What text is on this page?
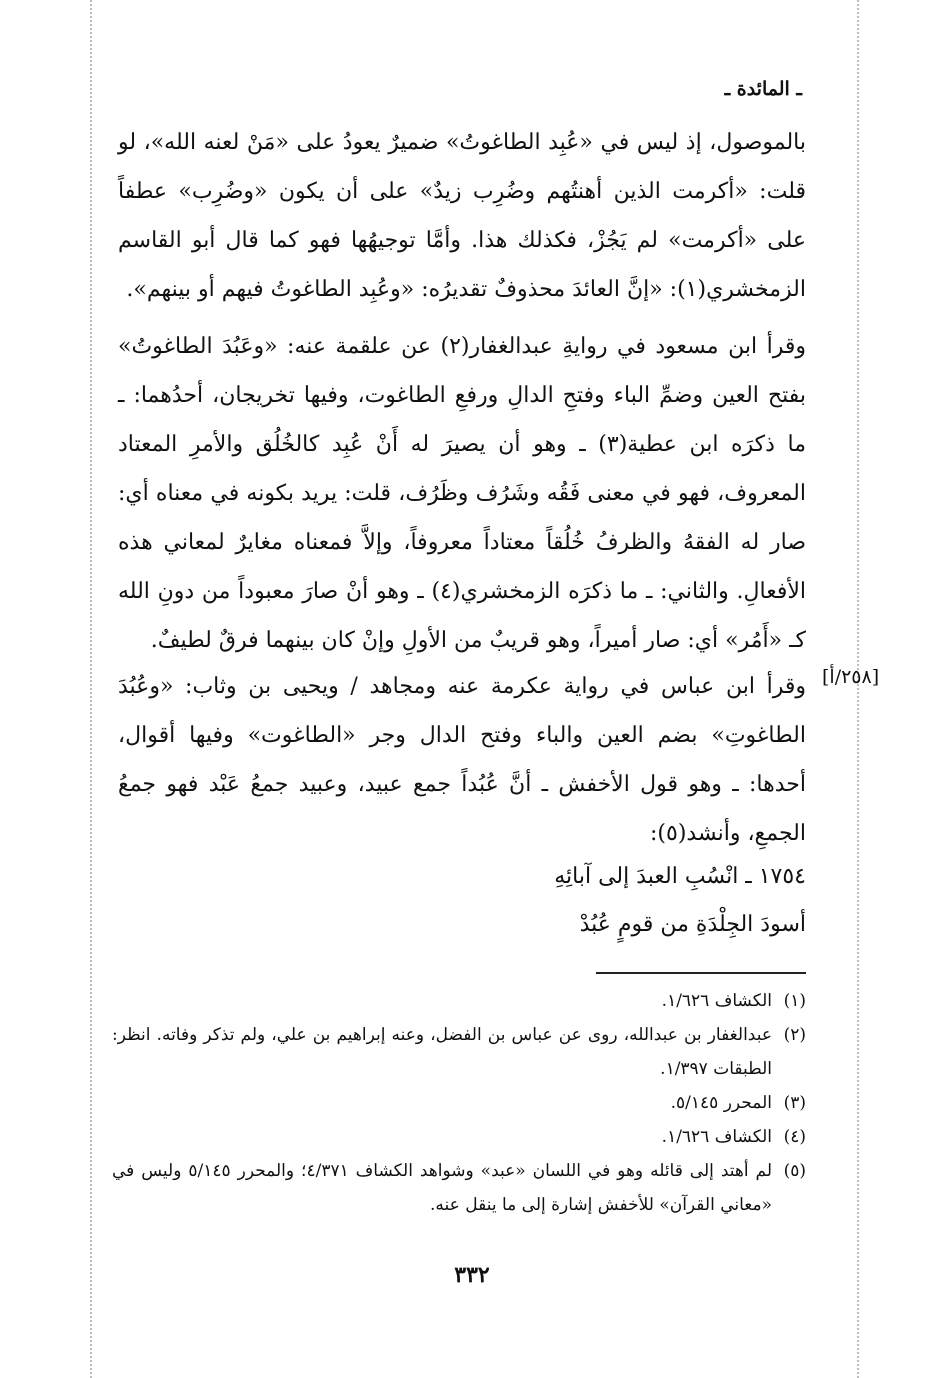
ـ المائدة ـ

بالموصول، إذ ليس في «عُبِد الطاغوتُ» ضميرٌ يعودُ على «مَنْ لعنه الله»، لو قلت: «أكرمت الذين أهنتُهم وضُرِب زيدٌ» على أن يكون «وضُرِب» عطفاً على «أكرمت» لم يَجُزْ، فكذلك هذا. وأمَّا توجيهُها فهو كما قال أبو القاسم الزمخشري(١): «إنَّ العائدَ محذوفٌ تقديرُه: «وعُبِد الطاغوتُ فيهم أو بينهم».

وقرأ ابن مسعود في روايةِ عبدالغفار(٢) عن علقمة عنه: «وعَبُدَ الطاغوتُ» بفتح العين وضمِّ الباء وفتحِ الدالِ ورفعِ الطاغوت، وفيها تخريجان، أحدُهما: ـ ما ذكرَه ابن عطية(٣) ـ وهو أن يصيرَ له أَنْ عُبِد كالخُلُق والأمرِ المعتاد المعروف، فهو في معنى فَقُه وشَرُف وظَرُف، قلت: يريد بكونه في معناه أي: صار له الفقهُ والظرفُ خُلُقاً معتاداً معروفاً، وإلاَّ فمعناه مغايرٌ لمعاني هذه الأفعالِ. والثاني: ـ ما ذكرَه الزمخشري(٤) ـ وهو أنْ صارَ معبوداً من دونِ الله كـ «أَمُر» أي: صار أميراً، وهو قريبٌ من الأولِ وإنْ كان بينهما فرقٌ لطيفٌ.

[٢٥٨/أ]

وقرأ ابن عباس في رواية عكرمة عنه ومجاهد / ويحيى بن وثاب: «وعُبُدَ الطاغوتِ» بضم العين والباء وفتح الدال وجر «الطاغوت» وفيها أقوال، أحدها: ـ وهو قول الأخفش ـ أنَّ عُبُداً جمع عبيد، وعبيد جمعُ عَبْد فهو جمعُ الجمعِ، وأنشد(٥):

١٧٥٤ ـ انْسُبِ العبدَ إلى آبائِهِ
أسودَ الجِلْدَةِ من قومٍ عُبُدْ
(١)
الكشاف ١/٦٢٦.
(٢)
عبدالغفار بن عبدالله، روى عن عباس بن الفضل، وعنه إبراهيم بن علي، ولم تذكر وفاته. انظر: الطبقات ١/٣٩٧.
(٣)
المحرر ٥/١٤٥.
(٤)
الكشاف ١/٦٢٦.
(٥)
لم أهتد إلى قائله وهو في اللسان «عبد» وشواهد الكشاف ٤/٣٧١؛ والمحرر ٥/١٤٥ وليس في «معاني القرآن» للأخفش إشارة إلى ما ينقل عنه.
٣٣٢
